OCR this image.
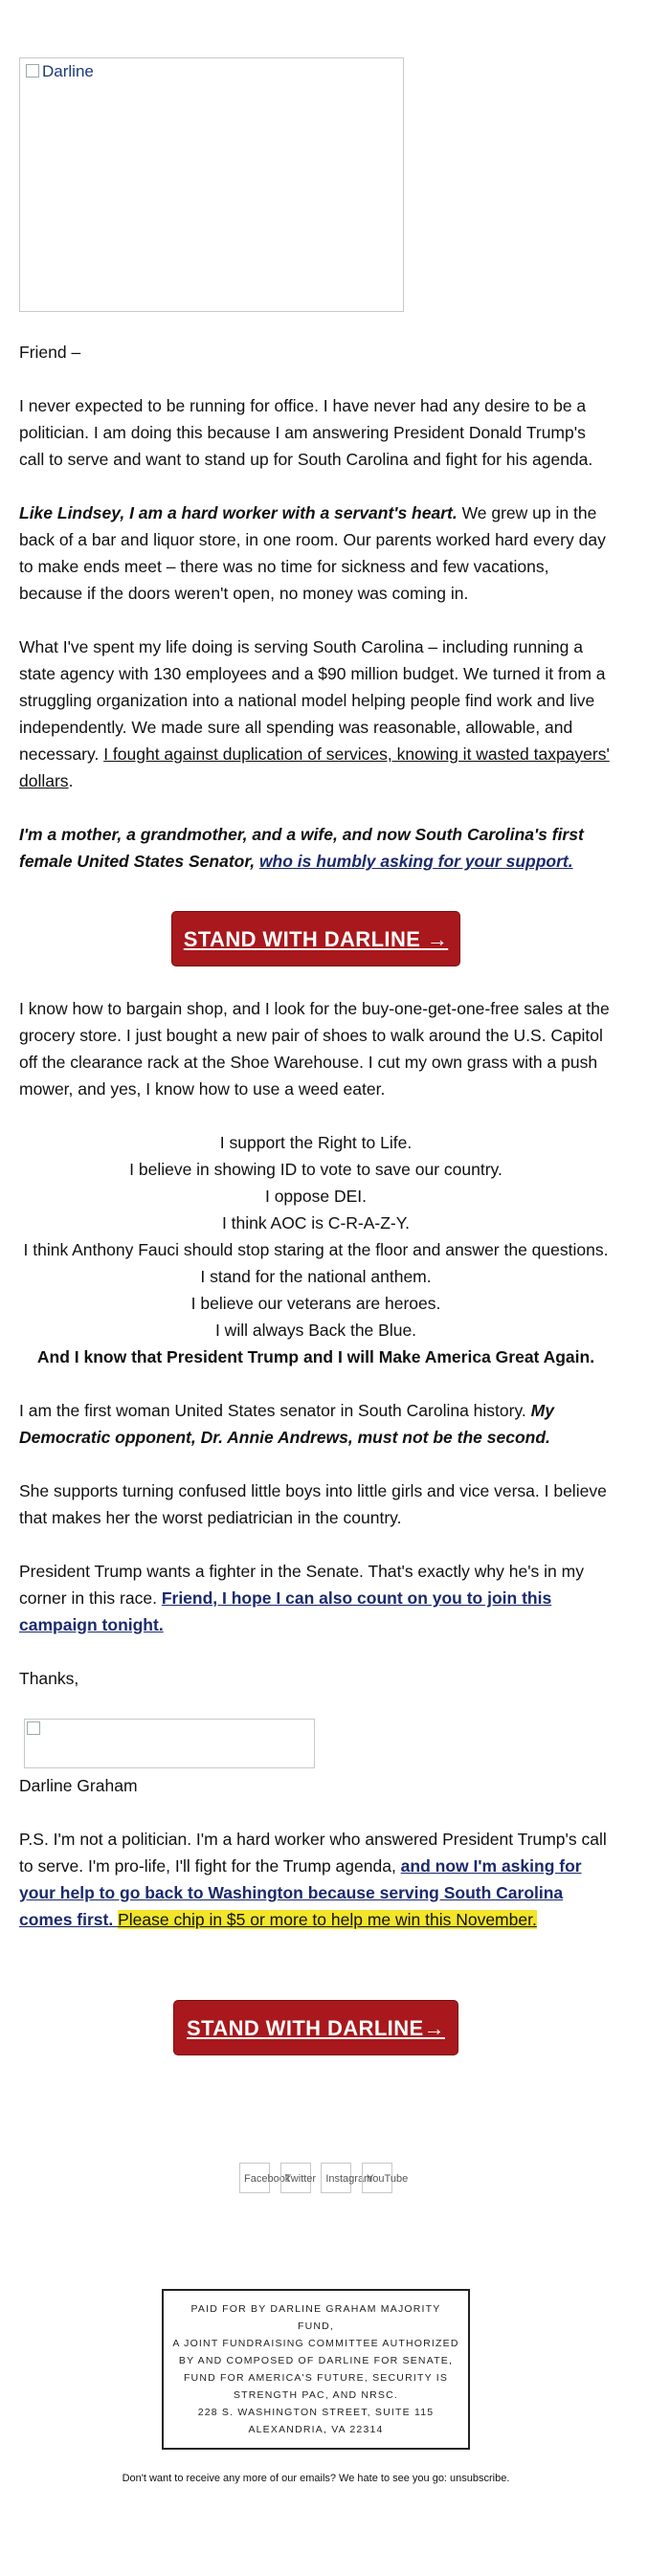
Darline

Friend –

I never expected to be running for office. I have never had any desire to be a politician. I am doing this because I am answering President Donald Trump's call to serve and want to stand up for South Carolina and fight for his agenda.

Like Lindsey, I am a hard worker with a servant's heart. We grew up in the back of a bar and liquor store, in one room. Our parents worked hard every day to make ends meet – there was no time for sickness and few vacations, because if the doors weren't open, no money was coming in.

What I've spent my life doing is serving South Carolina – including running a state agency with 130 employees and a $90 million budget. We turned it from a struggling organization into a national model helping people find work and live independently. We made sure all spending was reasonable, allowable, and necessary. I fought against duplication of services, knowing it wasted taxpayers' dollars.

I'm a mother, a grandmother, and a wife, and now South Carolina's first female United States Senator, who is humbly asking for your support.

STAND WITH DARLINE →

I know how to bargain shop, and I look for the buy-one-get-one-free sales at the grocery store. I just bought a new pair of shoes to walk around the U.S. Capitol off the clearance rack at the Shoe Warehouse. I cut my own grass with a push mower, and yes, I know how to use a weed eater.

I support the Right to Life.

I believe in showing ID to vote to save our country.

I oppose DEI.

I think AOC is C-R-A-Z-Y.

I think Anthony Fauci should stop staring at the floor and answer the questions.

I stand for the national anthem.

I believe our veterans are heroes.

I will always Back the Blue.

And I know that President Trump and I will Make America Great Again.

I am the first woman United States senator in South Carolina history. My Democratic opponent, Dr. Annie Andrews, must not be the second.

She supports turning confused little boys into little girls and vice versa. I believe that makes her the worst pediatrician in the country.

President Trump wants a fighter in the Senate. That's exactly why he's in my corner in this race. Friend, I hope I can also count on you to join this campaign tonight.

Thanks,

Darline Graham

P.S. I'm not a politician. I'm a hard worker who answered President Trump's call to serve. I'm pro-life, I'll fight for the Trump agenda, and now I'm asking for your help to go back to Washington because serving South Carolina comes first. Please chip in $5 or more to help me win this November.

STAND WITH DARLINE→
Facebook
Twitter Instagram
YouTube
PAID FOR BY DARLINE GRAHAM MAJORITY FUND,
A JOINT FUNDRAISING COMMITTEE AUTHORIZED
BY AND COMPOSED OF DARLINE FOR SENATE,
FUND FOR AMERICA'S FUTURE, SECURITY IS
STRENGTH PAC, AND NRSC.
228 S. WASHINGTON STREET, SUITE 115
ALEXANDRIA, VA 22314
Don't want to receive any more of our emails? We hate to see you go: unsubscribe.
